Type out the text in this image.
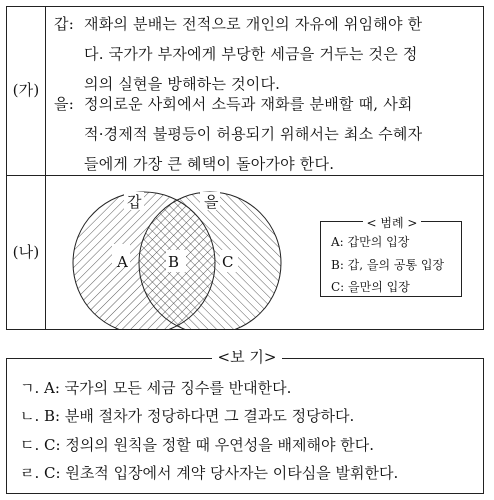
(가)
갑: 재화의 분배는 전적으로 개인의 자유에 위임해야 한
다. 국가가 부자에게 부당한 세금을 거두는 것은 정
의의 실현을 방해하는 것이다.
을: 정의로운 사회에서 소득과 재화를 분배할 때, 사회
적·경제적 불평등이 허용되기 위해서는 최소 수혜자
들에게 가장 큰 혜택이 돌아가야 한다.
(나)
갑	을
A	B	C
< 범례 >
A: 갑만의 입장
B: 갑, 을의 공통 입장
C: 을만의 입장
<보 기>
ㄱ. A: 국가의 모든 세금 징수를 반대한다.
ㄴ. B: 분배 절차가 정당하다면 그 결과도 정당하다.
ㄷ. C: 정의의 원칙을 정할 때 우연성을 배제해야 한다.
ㄹ. C: 원초적 입장에서 계약 당사자는 이타심을 발휘한다.
